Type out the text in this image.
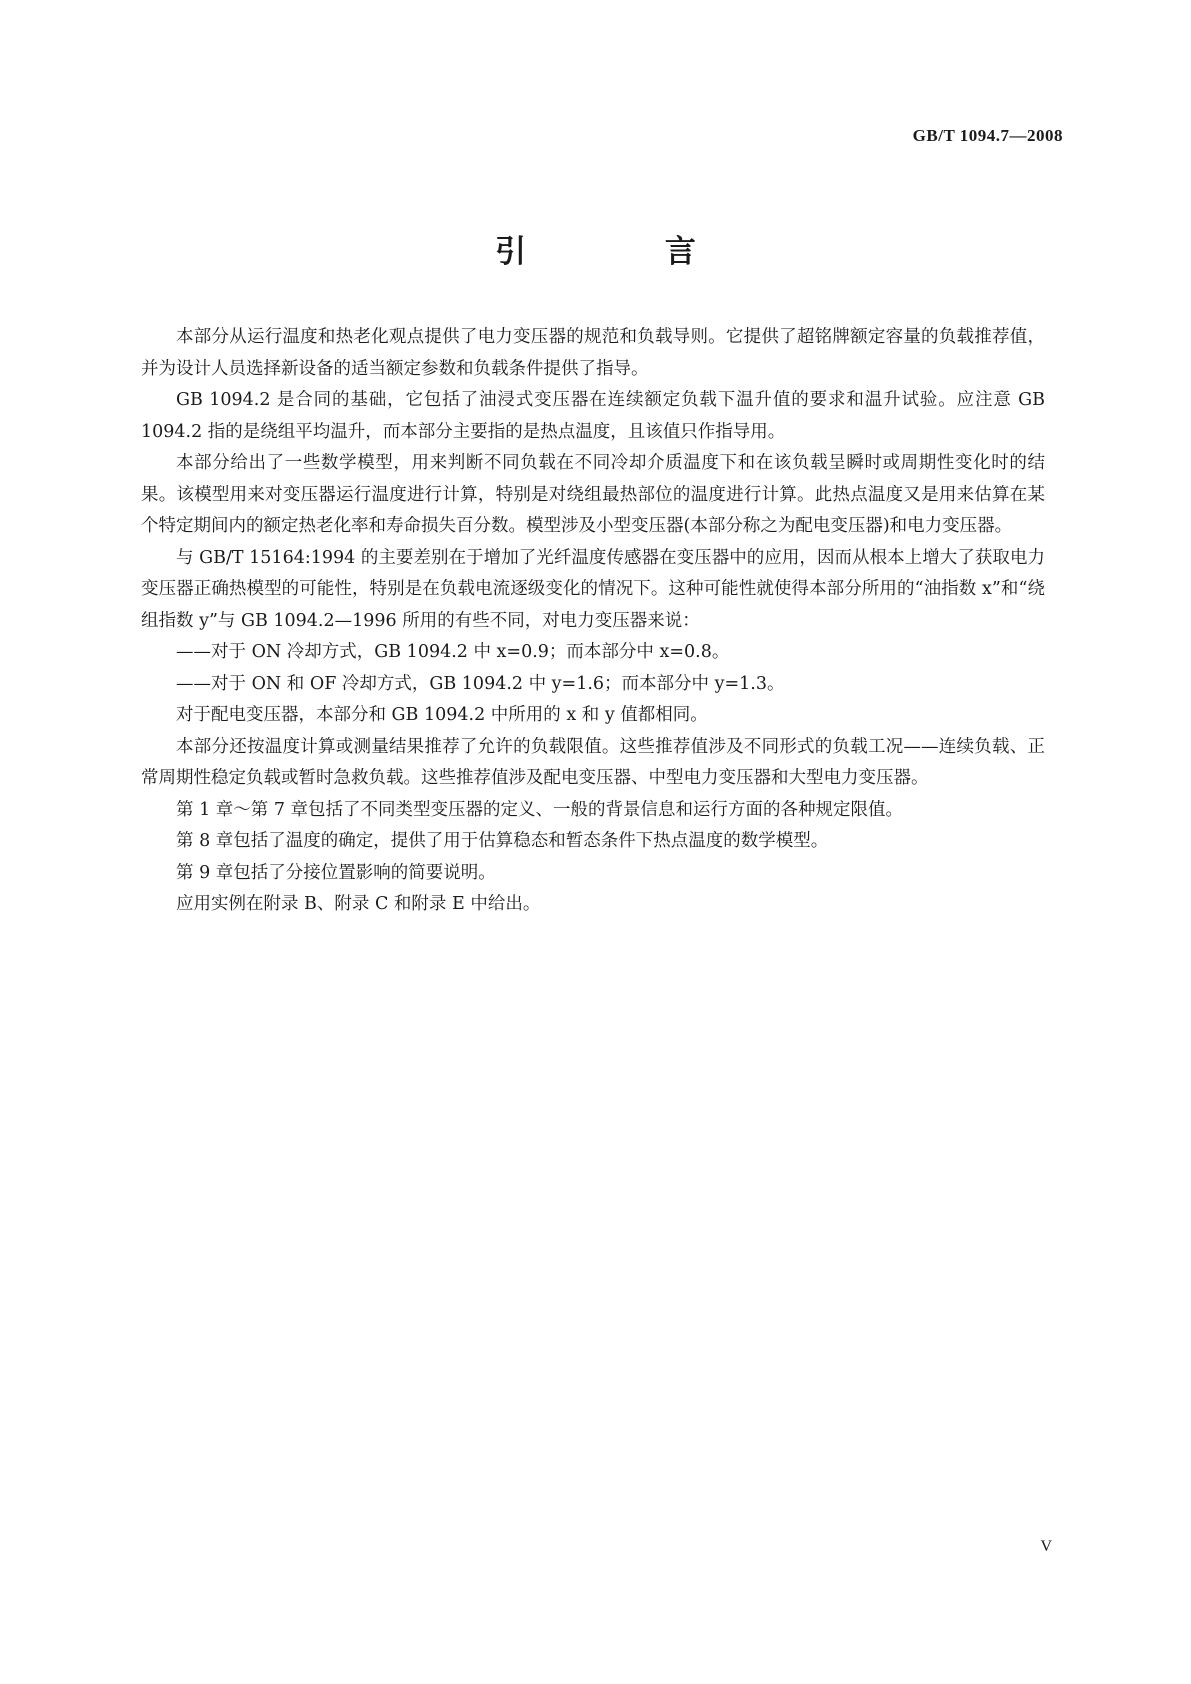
GB/T 1094.7—2008
引 言

本部分从运行温度和热老化观点提供了电力变压器的规范和负载导则。它提供了超铭牌额定容量的负载推荐值，并为设计人员选择新设备的适当额定参数和负载条件提供了指导。

GB 1094.2 是合同的基础，它包括了油浸式变压器在连续额定负载下温升值的要求和温升试验。应注意 GB 1094.2 指的是绕组平均温升，而本部分主要指的是热点温度，且该值只作指导用。

本部分给出了一些数学模型，用来判断不同负载在不同冷却介质温度下和在该负载呈瞬时或周期性变化时的结果。该模型用来对变压器运行温度进行计算，特别是对绕组最热部位的温度进行计算。此热点温度又是用来估算在某个特定期间内的额定热老化率和寿命损失百分数。模型涉及小型变压器(本部分称之为配电变压器)和电力变压器。

与 GB/T 15164:1994 的主要差别在于增加了光纤温度传感器在变压器中的应用，因而从根本上增大了获取电力变压器正确热模型的可能性，特别是在负载电流逐级变化的情况下。这种可能性就使得本部分所用的“油指数 x”和“绕组指数 y”与 GB 1094.2—1996 所用的有些不同，对电力变压器来说：

——对于 ON 冷却方式，GB 1094.2 中 x=0.9；而本部分中 x=0.8。

——对于 ON 和 OF 冷却方式，GB 1094.2 中 y=1.6；而本部分中 y=1.3。

对于配电变压器，本部分和 GB 1094.2 中所用的 x 和 y 值都相同。

本部分还按温度计算或测量结果推荐了允许的负载限值。这些推荐值涉及不同形式的负载工况——连续负载、正常周期性稳定负载或暂时急救负载。这些推荐值涉及配电变压器、中型电力变压器和大型电力变压器。

第 1 章～第 7 章包括了不同类型变压器的定义、一般的背景信息和运行方面的各种规定限值。

第 8 章包括了温度的确定，提供了用于估算稳态和暂态条件下热点温度的数学模型。

第 9 章包括了分接位置影响的简要说明。

应用实例在附录 B、附录 C 和附录 E 中给出。

V
